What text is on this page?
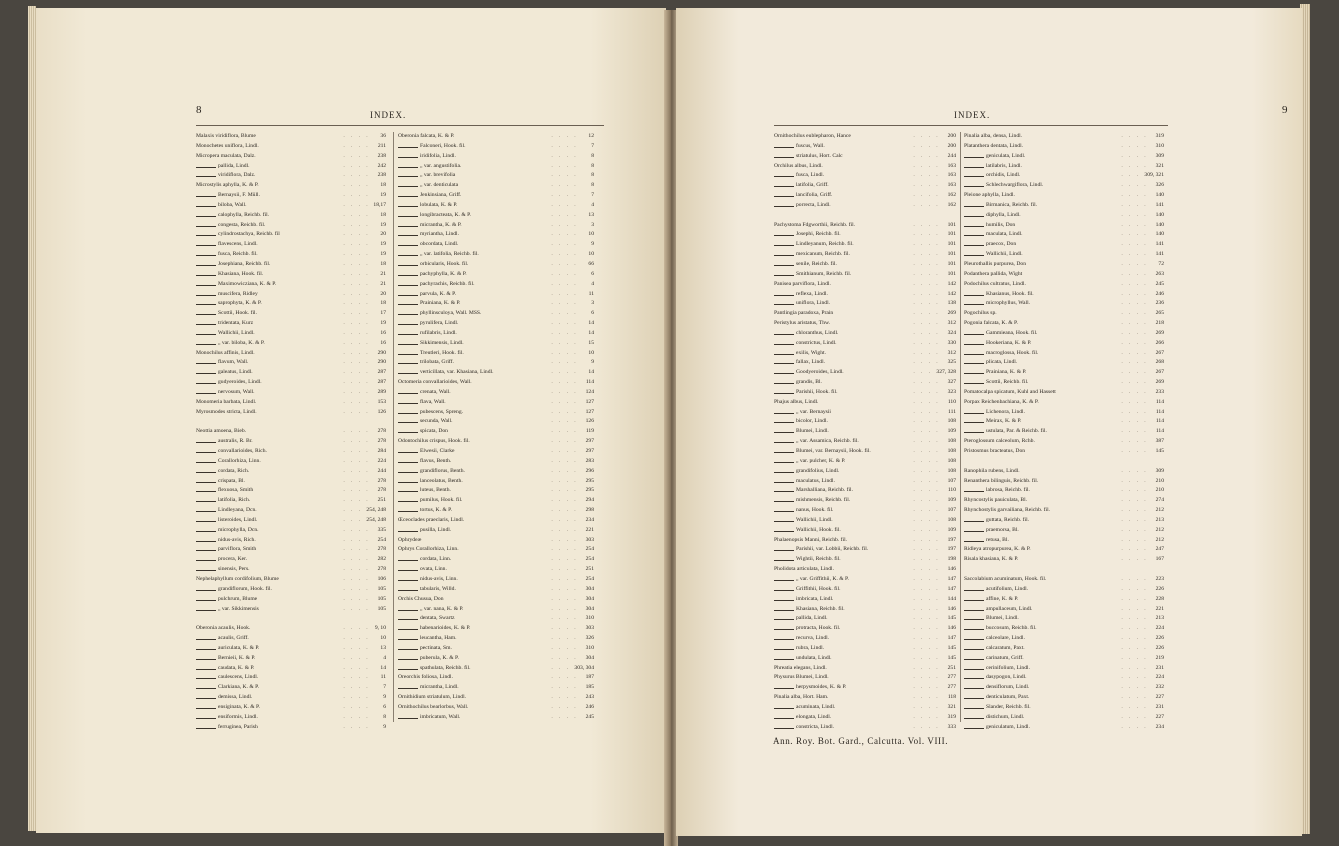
8	INDEX.
Malaxis viridiflora, Blume	. . . . 36
Monochetes uniflora, Lindl.	. . . . 211
Micropera maculata, Dalz.	. . . . 238
pallida, Lindl.	. . . . 242
viridiflora, Dalz.	. . . . 238
Microstylis aphylla, K. & P.	. . . . 18
Bernaysii, F. Müll.	. . . . 19
biloba, Wall.	. . . . 18,17
calophylla, Reichb. fil.	. . . . 18
congesta, Reichb. fil.	. . . . 19
cylindrostachya, Reichb. fil	. . . . 20
flavescens, Lindl.	. . . . 19
fusca, Reichb. fil.	. . . . 19
Josephiana, Reichb. fil.	. . . . 18
Khasiana, Hook. fil.	. . . . 21
Maximowicziana, K. & P.	. . . . 21
muscifera, Ridley	. . . . 20
saprophyta, K. & P.	. . . . 18
Scottii, Hook. fil.	. . . . 17
tridentata, Kurz	. . . . 19
Wallichii, Lindl.	. . . . 16
„ var. biloba, K. & P.	. . . . 16
Monochilus affinis, Lindl.	. . . . 290
flavum, Wall.	. . . . 290
galeatus, Lindl.	. . . . 287
gudyeroides, Lindl.	. . . . 287
nervosum, Wall.	. . . . 289
Monomeria barbata, Lindl.	. . . . 153
Myrosmodes stricta, Lindl.	. . . . 126
Neottia amoena, Bieb.	. . . . 278
australis, R. Br.	. . . . 278
convallarioides, Rich.	. . . . 284
Corallorhiza, Linn.	. . . . 224
cordata, Rich.	. . . . 244
crispata, Bl.	. . . . 278
flexuosa, Smith	. . . . 278
latifolia, Rich.	. . . . 251
Lindleyana, Dcn.	. . . .
254, 248
listeroides, Lindl.	. . . .
254, 248
microphylla, Dcn.	. . . . 335
nidus-avis, Rich.	. . . . 254
parviflora, Smith	. . . . 278
procera, Ker.	. . . . 282
sinensis, Pers.	. . . . 278
Nephelaphyllum cordifolium, Blume	. . . . 106
grandiflorum, Hook. fil.	. . . . 105
pulchrum, Blume	. . . . 105
„ var. Sikkimensis	. . . . 105
Oberonia acaulis, Hook.	. . . . 9, 10
acaulis, Griff.	. . . . 10
auriculata, K. & P.	. . . . 13
Bernieii, K. & P.	. . . . 4
caudata, K. & P.	. . . . 14
caulescens, Lindl.	. . . . 11
Clarkiana, K. & P.	. . . . 7
demissa, Lindl.	. . . . 9
ensiginata, K. & P.	. . . . 6
ensiformis, Lindl.	. . . . 8
ferruginea, Parish	. . . . 9
Oberonia falcata, K. & P.	. . . . 12
Falconeri, Hook. fil.	. . . . 7
iridifolia, Lindl.	. . . . 8
„ var. angustifolia.	. . . . 8
„ var. brevifolia	. . . . 8
„ var. denticulata	. . . . 8
Jenkinsiana, Griff.	. . . . 7
lobulata, K. & P.	. . . . 4
longibracteata, K. & P.	. . . . 13
micrantha, K. & P.	. . . . 3
myriantha, Lindl.	. . . . 10
obcordata, Lindl.	. . . . 9
„ var. latifolia, Reichb. fil.	. . . . 10
orbicularis, Hook. fil.	. . . . 66
pachyphylla, K. & P.	. . . . 6
pachyrachis, Reichb. fil.	. . . . 4
parvula, K. & P.	. . . . 11
Prainiana, K. & P.	. . . . 3
phyllinsculoya, Wall. MSS.	. . . . 6
pyrulifera, Lindl.	. . . . 14
rufilabris, Lindl.	. . . . 14
Sikkimensis, Lindl.	. . . . 15
Treutleri, Hook. fil.	. . . . 10
trilobata, Griff.	. . . . 9
verticillata, var. Khasiana, Lindl.	. . . . 14
Octomeria convallarioides, Wall.	. . . . 114
crenata, Wall.	. . . . 124
flava, Wall.	. . . . 127
pubescens, Spreng.	. . . . 127
secunda, Wall.	. . . . 126
spicata, Don	. . . . 119
Odontochilus crispus, Hook. fil.	. . . . 297
Elwesii, Clarke	. . . . 297
flavus, Benth.	. . . . 283
grandiflorus, Benth.	. . . . 296
lanceolatus, Benth.	. . . . 295
luteus, Benth.	. . . . 295
pumilus, Hook. fil.	. . . . 294
tortus, K. & P.	. . . . 298
Œceoclades praeclaris, Lindl.	. . . . 234
pusilla, Lindl.	. . . . 221
Ophrydeæ	. . . . 303
Ophrys Corallorhiza, Linn.	. . . . 254
cordata, Linn.	. . . . 254
ovata, Linn.	. . . . 251
nidus-avis, Linn.	. . . . 254
tabularis, Willd.	. . . . 304
Orchis Chusua, Don	. . . . 304
„ var. nana, K. & P.	. . . . 304
dentata, Swartz	. . . . 310
habenarioides, K. & P.	. . . . 303
leucantha, Ham.	. . . . 326
pectinata, Sm.	. . . . 310
puberula, K. & P.	. . . . 304
spathulata, Reichb. fil.	. . . .
303, 304
Oreorchis foliosa, Lindl.	. . . . 187
micrantha, Lindl.	. . . . 185
Ornithidium striatulum, Lindl.	. . . . 243
Ornithochilus bearlorbus, Wall.	. . . . 246
imbricatum, Wall.	. . . . 245
9
INDEX.
Ornithochilus eublepharon, Hance	. . . . 200
fuscus, Wall.	. . . . 200
striatulus, Hort. Calc	. . . . 244
Orchilus albus, Lindl.	. . . . 163
fusca, Lindl.	. . . . 163
latifolia, Griff.	. . . . 163
lancifolia, Griff.	. . . . 162
porrecta, Lindl.	. . . . 162
Pachystoma Fdgworthii, Reichb. fil.	. . . . 101
Josephi, Reichb. fil.	. . . . 101
Lindleyanum, Reichb. fil.	. . . . 101
mexicanum, Reichb. fil.	. . . . 101
senile, Reichb. fil.	. . . . 101
Smithianum, Reichb. fil.	. . . . 101
Panisea parviflora, Lindl.	. . . . 142
reflexa, Lindl.	. . . . 142
uniflora, Lindl.	. . . . 138
Pantlingia paradoxa, Prain	. . . . 269
Peristylus aristatus, Thw.	. . . . 312
chloranthus, Lindl.	. . . . 324
constrictus, Lindl.	. . . . 330
exilis, Wight.	. . . . 312
fallax, Lindl.	. . . . 325
Goodyeroides, Lindl.	. . . .
327, 328
grandis, Bl.	. . . . 327
Parishii, Hook. fil.	. . . . 323
Phajus albus, Lindl.	. . . . 110
„ var. Bernaysii	. . . . 111
bicolor, Lindl.	. . . . 108
Blumei, Lindl.	. . . . 109
„ var. Assamica, Reichb. fil.	. . . . 108
Blumei, var. Bernaysii, Hook. fil.	. . . . 108
„ var. pulcher, K. & P.	. . . . 108
grandifolius, Lindl.	. . . . 108
maculatus, Lindl.	. . . . 107
Marshalliana, Reichb. fil.	. . . . 110
mishmensis, Reichb. fil.	. . . . 109
nanus, Hook. fil.	. . . . 107
Wallichii, Lindl.	. . . . 108
Wallichii, Hook. fil.	. . . . 109
Phalaenopsis Manni, Reichb. fil.	. . . . 197
Parishii, var. Lobbii, Reichb. fil.	. . . . 197
Wightii, Reichb. fil.	. . . . 198
Pholidota articulata, Lindl.	. . . . 146
„ var. Griffithii, K. & P.	. . . . 147
Griffithii, Hook. fil.	. . . . 147
imbricata, Lindl.	. . . . 144
Khasiana, Reichb. fil.	. . . . 146
pallida, Lindl.	. . . . 145
protracta, Hook. fil.	. . . . 146
recurva, Lindl.	. . . . 147
rubra, Lindl.	. . . . 145
undulata, Lindl.	. . . . 145
Phreatia elegans, Lindl.	. . . . 251
Physurus Blumei, Lindl.	. . . . 277
herpysmoides, K. & P.	. . . . 277
Pinalia alba, Hort. Ham.	. . . . 118
acuminata, Lindl.	. . . . 321
elongata, Lindl.	. . . . 319
constricta, Lindl.	. . . . 333
Pinalia alba, densa, Lindl.	. . . . 319
Platanthera dentata, Lindl.	. . . . 310
geniculata, Lindl.	. . . . 309
latilabris, Lindl.	. . . . 321
orchidis, Lindl.	. . . .
309, 321
Schlechwargiflora, Lindl.	. . . . 326
Pleione aphylla, Lindl.	. . . . 140
Birmanica, Reichb. fil.	. . . . 141
diphylla, Lindl.	. . . . 140
humilis, Don	. . . . 140
maculata, Lindl.	. . . . 140
praecox, Don	. . . . 141
Wallichii, Lindl.	. . . . 141
Pleurothallis purpurea, Don	. . . . 72
Podanthera pallida, Wight	. . . . 263
Podochilus cultratus, Lindl.	. . . . 245
Khasianus, Hook. fil.	. . . . 246
microphyllus, Wall.	. . . . 236
Pogochilus sp.	. . . . 265
Pogonia falcata, K. & P.	. . . . 218
Gammieana, Hook. fil.	. . . . 269
Hookeriana, K. & P.	. . . . 266
macroglossa, Hook. fil.	. . . . 267
plicata, Lindl.	. . . . 268
Prainiana, K. & P.	. . . . 267
Scottii, Reichb. fil.	. . . . 269
Pomatocalpa spicatum, Kuhl and Hassett	. . . . 233
Porpax Reichenbachiana, K. & P.	. . . . 114
Lichenora, Lindl.	. . . . 114
Meirax, K. & P.	. . . . 114
ustulata, Par. & Reichb. fil.	. . . . 114
Pteroglossum calceolum, Rchb.	. . . . 387
Pristosmus bracteatus, Don	. . . . 145
Ranophila rubens, Lindl.	. . . . 309
Renanthera bilinguis, Reichb. fil.	. . . . 210
labrosa, Reichb. fil.	. . . . 210
Rhyncostylis pauiculata, Bl.	. . . . 274
Rhynchostylis garvailiana, Reichb. fil.	. . . . 212
guttata, Reichb. fil.	. . . . 213
praemorsa, Bl.	. . . . 212
retusa, Bl.	. . . . 212
Ridleya atropurpurea, K. & P.	. . . . 247
Risala khasiana, K. & P.	. . . . 167
Saccolabium acuminatum, Hook. fil.	. . . . 223
acutifolium, Lindl.	. . . . 226
affine, K. & P.	. . . . 228
ampullaceum, Lindl.	. . . . 221
Blumei, Lindl.	. . . . 213
buccosum, Reichb. fil.	. . . . 224
calceolare, Lindl.	. . . . 226
calcaratum, Paxt.	. . . . 226
carinatum, Griff.	. . . . 219
cerinifolium, Lindl.	. . . . 231
dasypogon, Lindl.	. . . . 224
densiflorum, Lindl.	. . . . 232
denticulatum, Paxt.	. . . . 227
Slander, Reichb. fil.	. . . . 231
distichum, Lindl.	. . . . 227
geniculatum, Lindl.	. . . . 234
Ann. Roy. Bot. Gard., Calcutta. Vol. VIII.
